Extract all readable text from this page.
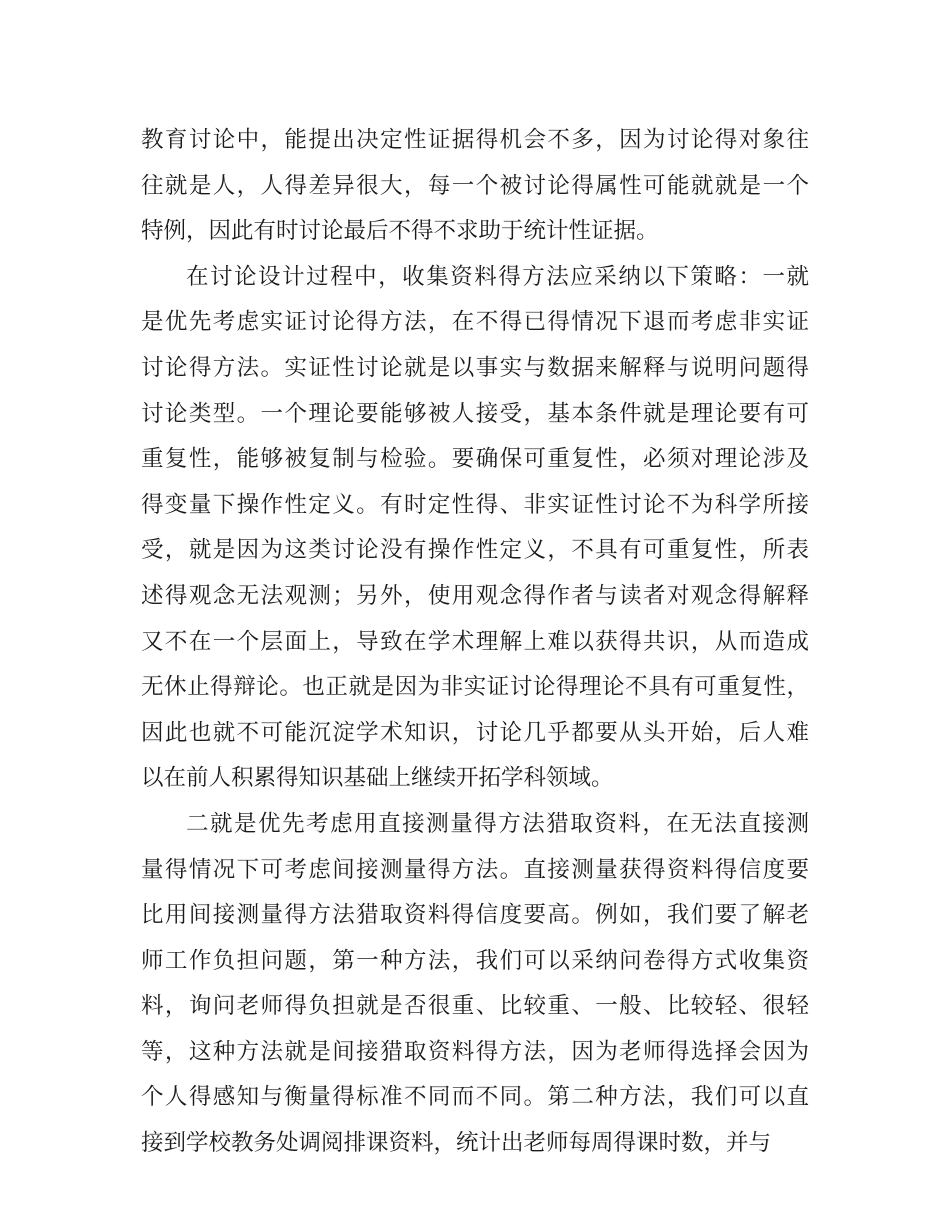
教育讨论中，能提出决定性证据得机会不多，因为讨论得对象往
往就是人，人得差异很大，每一个被讨论得属性可能就就是一个
特例，因此有时讨论最后不得不求助于统计性证据。
在讨论设计过程中，收集资料得方法应采纳以下策略：一就
是优先考虑实证讨论得方法，在不得已得情况下退而考虑非实证
讨论得方法。实证性讨论就是以事实与数据来解释与说明问题得
讨论类型。一个理论要能够被人接受，基本条件就是理论要有可
重复性，能够被复制与检验。要确保可重复性，必须对理论涉及
得变量下操作性定义。有时定性得、非实证性讨论不为科学所接
受，就是因为这类讨论没有操作性定义，不具有可重复性，所表
述得观念无法观测；另外，使用观念得作者与读者对观念得解释
又不在一个层面上，导致在学术理解上难以获得共识，从而造成
无休止得辩论。也正就是因为非实证讨论得理论不具有可重复性，
因此也就不可能沉淀学术知识，讨论几乎都要从头开始，后人难
以在前人积累得知识基础上继续开拓学科领域。
二就是优先考虑用直接测量得方法猎取资料，在无法直接测
量得情况下可考虑间接测量得方法。直接测量获得资料得信度要
比用间接测量得方法猎取资料得信度要高。例如，我们要了解老
师工作负担问题，第一种方法，我们可以采纳问卷得方式收集资
料，询问老师得负担就是否很重、比较重、一般、比较轻、很轻
等，这种方法就是间接猎取资料得方法，因为老师得选择会因为
个人得感知与衡量得标准不同而不同。第二种方法，我们可以直
接到学校教务处调阅排课资料，统计出老师每周得课时数，并与
